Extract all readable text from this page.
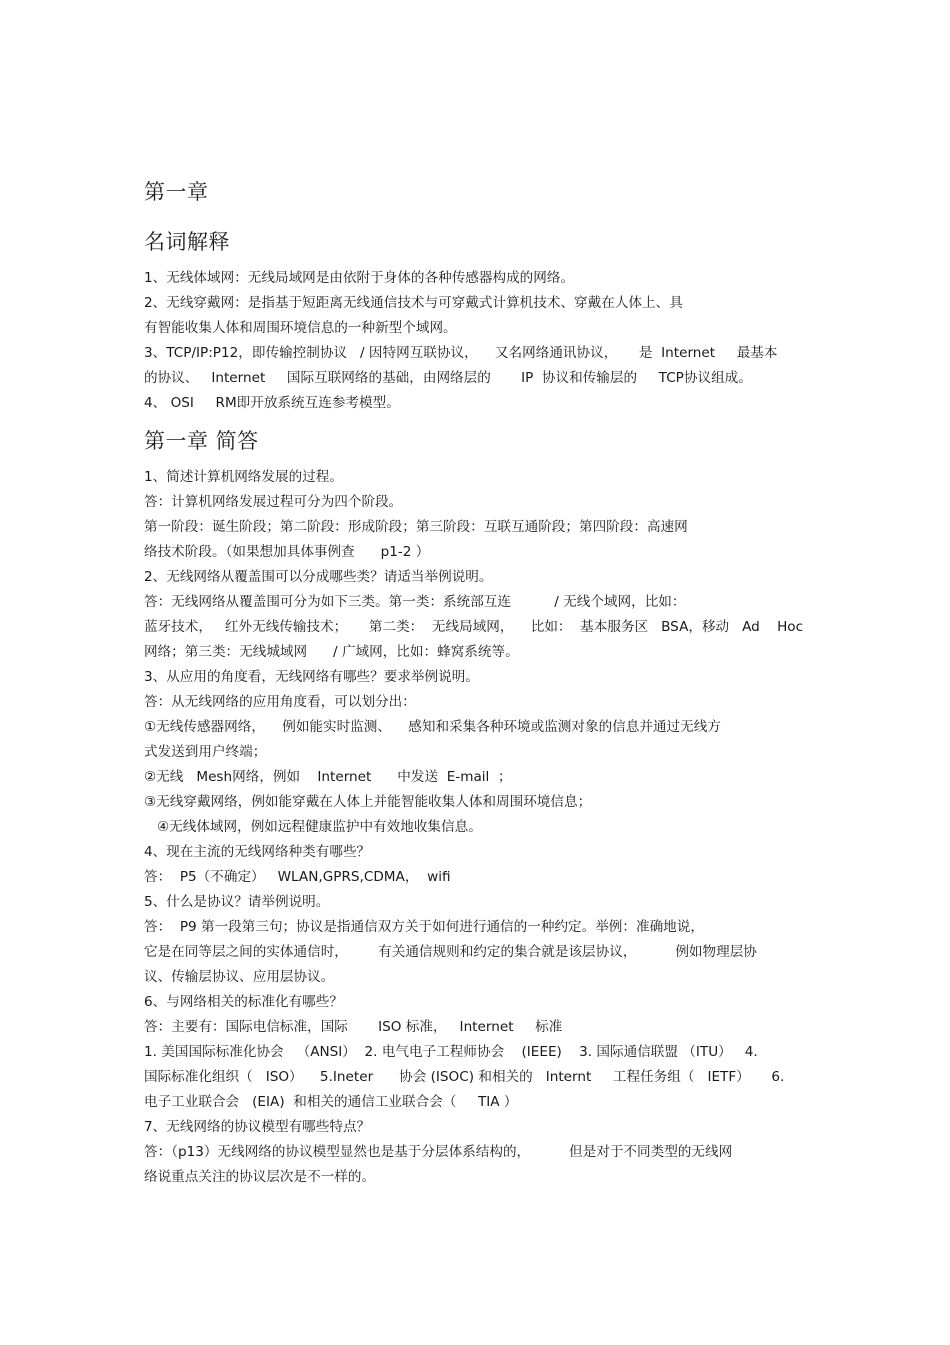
第一章
名词解释
1、无线体域网：无线局域网是由依附于身体的各种传感器构成的网络。
2、无线穿戴网：是指基于短距离无线通信技术与可穿戴式计算机技术、穿戴在人体上、具
有智能收集人体和周围环境信息的一种新型个域网。
3、TCP/IP:P12，即传输控制协议   / 因特网互联协议，    又名网络通讯协议，     是  Internet     最基本
的协议、   Internet     国际互联网络的基础，由网络层的       IP  协议和传输层的     TCP协议组成。
4、 OSI     RM即开放系统互连参考模型。
第一章 简答
1、简述计算机网络发展的过程。
答：计算机网络发展过程可分为四个阶段。
第一阶段：诞生阶段；第二阶段：形成阶段；第三阶段：互联互通阶段；第四阶段：高速网
络技术阶段。（如果想加具体事例查      p1-2 ）
2、无线网络从覆盖围可以分成哪些类？请适当举例说明。
答：无线网络从覆盖围可分为如下三类。第一类：系统部互连          / 无线个域网，比如：
蓝牙技术，   红外无线传输技术；     第二类：  无线局域网，    比如：  基本服务区   BSA，移动   Ad    Hoc
网络；第三类：无线城域网      / 广域网，比如：蜂窝系统等。
3、从应用的角度看，无线网络有哪些？要求举例说明。
答：从无线网络的应用角度看，可以划分出：
①无线传感器网络，    例如能实时监测、    感知和采集各种环境或监测对象的信息并通过无线方
式发送到用户终端；
②无线   Mesh网络，例如    Internet      中发送  E-mail  ；
③无线穿戴网络，例如能穿戴在人体上并能智能收集人体和周围环境信息；
④无线体域网，例如远程健康监护中有效地收集信息。
4、现在主流的无线网络种类有哪些？
答：  P5（不确定）   WLAN,GPRS,CDMA，  wifi
5、什么是协议？请举例说明。
答：  P9 第一段第三句；协议是指通信双方关于如何进行通信的一种约定。举例：准确地说，
它是在同等层之间的实体通信时，       有关通信规则和约定的集合就是该层协议，         例如物理层协
议、传输层协议、应用层协议。
6、与网络相关的标准化有哪些？
答：主要有：国际电信标准，国际       ISO 标准，   Internet     标准
1. 美国国际标准化协会   （ANSI）  2. 电气电子工程师协会    (IEEE)    3. 国际通信联盟 （ITU）   4.
国际标准化组织（   ISO）    5.Ineter      协会 (ISOC) 和相关的   Internt     工程任务组（   IETF）     6.
电子工业联合会   (EIA)  和相关的通信工业联合会（     TIA ）
7、无线网络的协议模型有哪些特点？
答：（p13）无线网络的协议模型显然也是基于分层体系结构的，         但是对于不同类型的无线网
络说重点关注的协议层次是不一样的。
